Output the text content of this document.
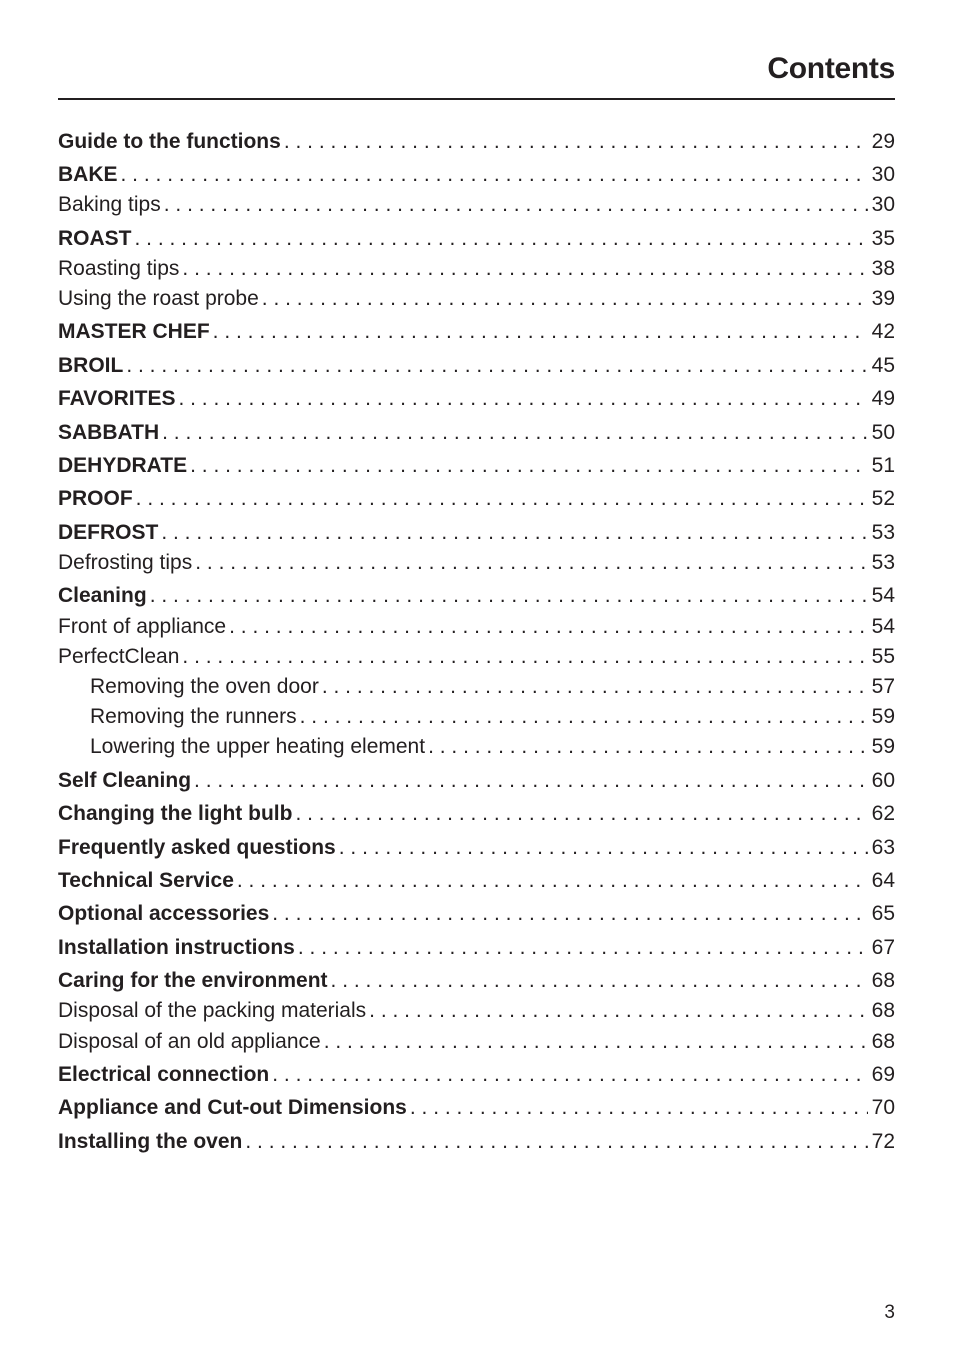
Contents
Guide to the functions . . .	29
BAKE . . .	30
Baking tips . . .	30
ROAST . . .	35
Roasting tips . . .	38
Using the roast probe . . .	39
MASTER CHEF . . .	42
BROIL . . .	45
FAVORITES . . .	49
SABBATH . . .	50
DEHYDRATE . . .	51
PROOF . . .	52
DEFROST . . .	53
Defrosting tips . . .	53
Cleaning . . .	54
Front of appliance . . .	54
PerfectClean . . .	55
Removing the oven door . . .	57
Removing the runners . . .	59
Lowering the upper heating element . . .	59
Self Cleaning . . .	60
Changing the light bulb . . .	62
Frequently asked questions . . .	63
Technical Service . . .	64
Optional accessories . . .	65
Installation instructions . . .	67
Caring for the environment . . .	68
Disposal of the packing materials . . .	68
Disposal of an old appliance . . .	68
Electrical connection . . .	69
Appliance and Cut-out Dimensions . . .	70
Installing the oven . . .	72
3
